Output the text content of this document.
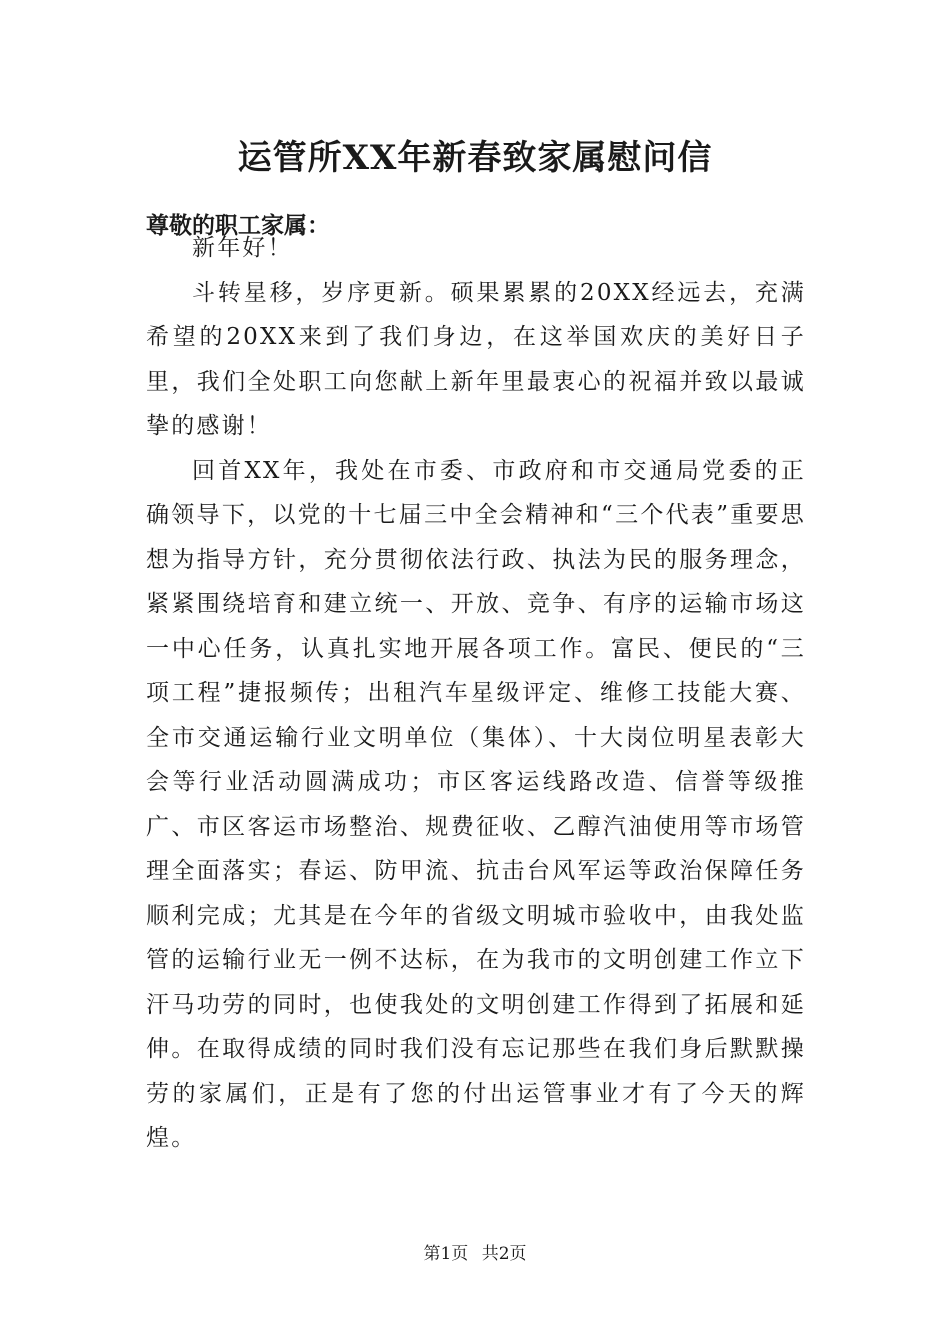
运管所XX年新春致家属慰问信

尊敬的职工家属：

新年好！

斗转星移，岁序更新。硕果累累的20XX经远去，充满希望的20XX来到了我们身边，在这举国欢庆的美好日子里，我们全处职工向您献上新年里最衷心的祝福并致以最诚挚的感谢！

回首XX年，我处在市委、市政府和市交通局党委的正确领导下，以党的十七届三中全会精神和“三个代表”重要思想为指导方针，充分贯彻依法行政、执法为民的服务理念，紧紧围绕培育和建立统一、开放、竞争、有序的运输市场这一中心任务，认真扎实地开展各项工作。富民、便民的“三项工程”捷报频传；出租汽车星级评定、维修工技能大赛、全市交通运输行业文明单位（集体）、十大岗位明星表彰大会等行业活动圆满成功；市区客运线路改造、信誉等级推广、市区客运市场整治、规费征收、乙醇汽油使用等市场管理全面落实；春运、防甲流、抗击台风军运等政治保障任务顺利完成；尤其是在今年的省级文明城市验收中，由我处监管的运输行业无一例不达标，在为我市的文明创建工作立下汗马功劳的同时，也使我处的文明创建工作得到了拓展和延伸。在取得成绩的同时我们没有忘记那些在我们身后默默操劳的家属们，正是有了您的付出运管事业才有了今天的辉煌。

第1页 共2页
